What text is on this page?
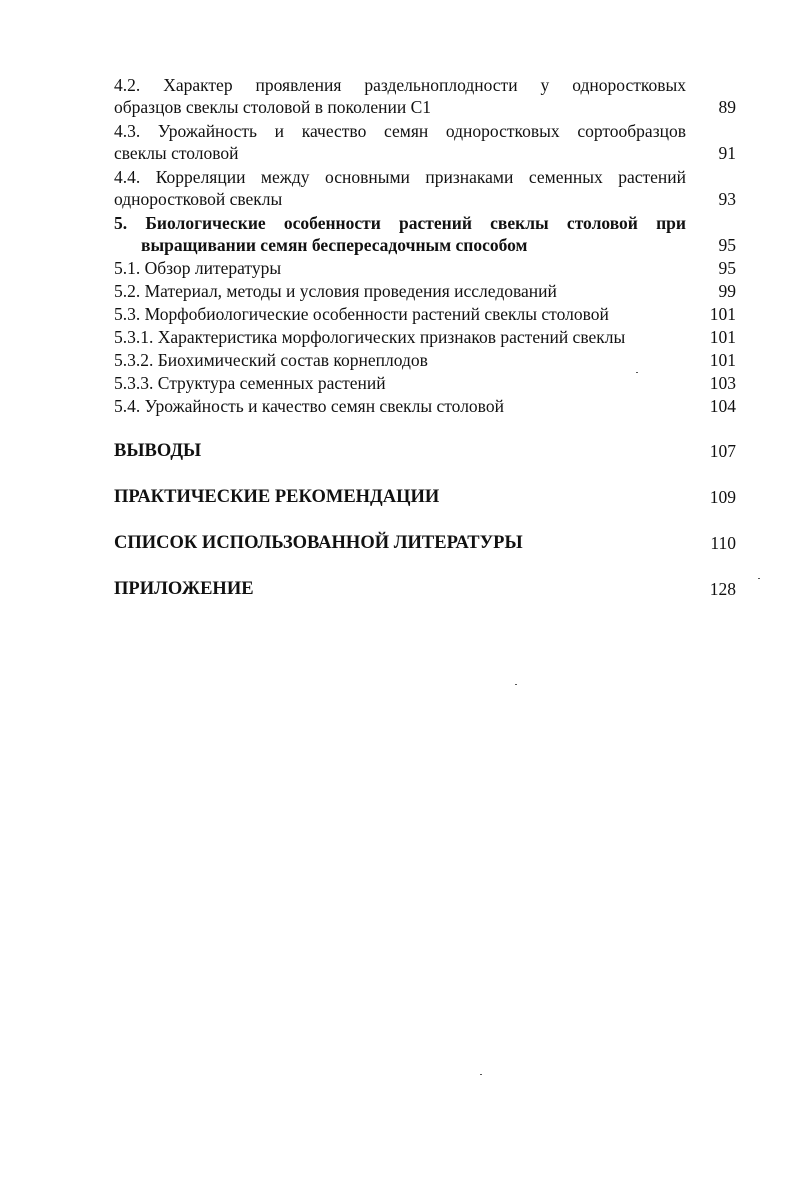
4.2. Характер проявления раздельноплодности у одноростковых
образцов свеклы столовой в поколении С1	89
4.3. Урожайность и качество семян одноростковых сортообразцов
свеклы столовой	91
4.4. Корреляции между основными признаками семенных растений
одноростковой свеклы	93
5. Биологические особенности растений свеклы столовой при
выращивании семян беспересадочным способом	95
5.1. Обзор литературы	95
5.2. Материал, методы и условия проведения исследований	99
5.3. Морфобиологические особенности растений свеклы столовой	101
5.3.1. Характеристика морфологических признаков растений свеклы	101
5.3.2. Биохимический состав корнеплодов	101
5.3.3. Структура семенных растений	103
5.4. Урожайность и качество семян свеклы столовой	104
ВЫВОДЫ	107
ПРАКТИЧЕСКИЕ РЕКОМЕНДАЦИИ	109
СПИСОК ИСПОЛЬЗОВАННОЙ ЛИТЕРАТУРЫ	110
ПРИЛОЖЕНИЕ	128
